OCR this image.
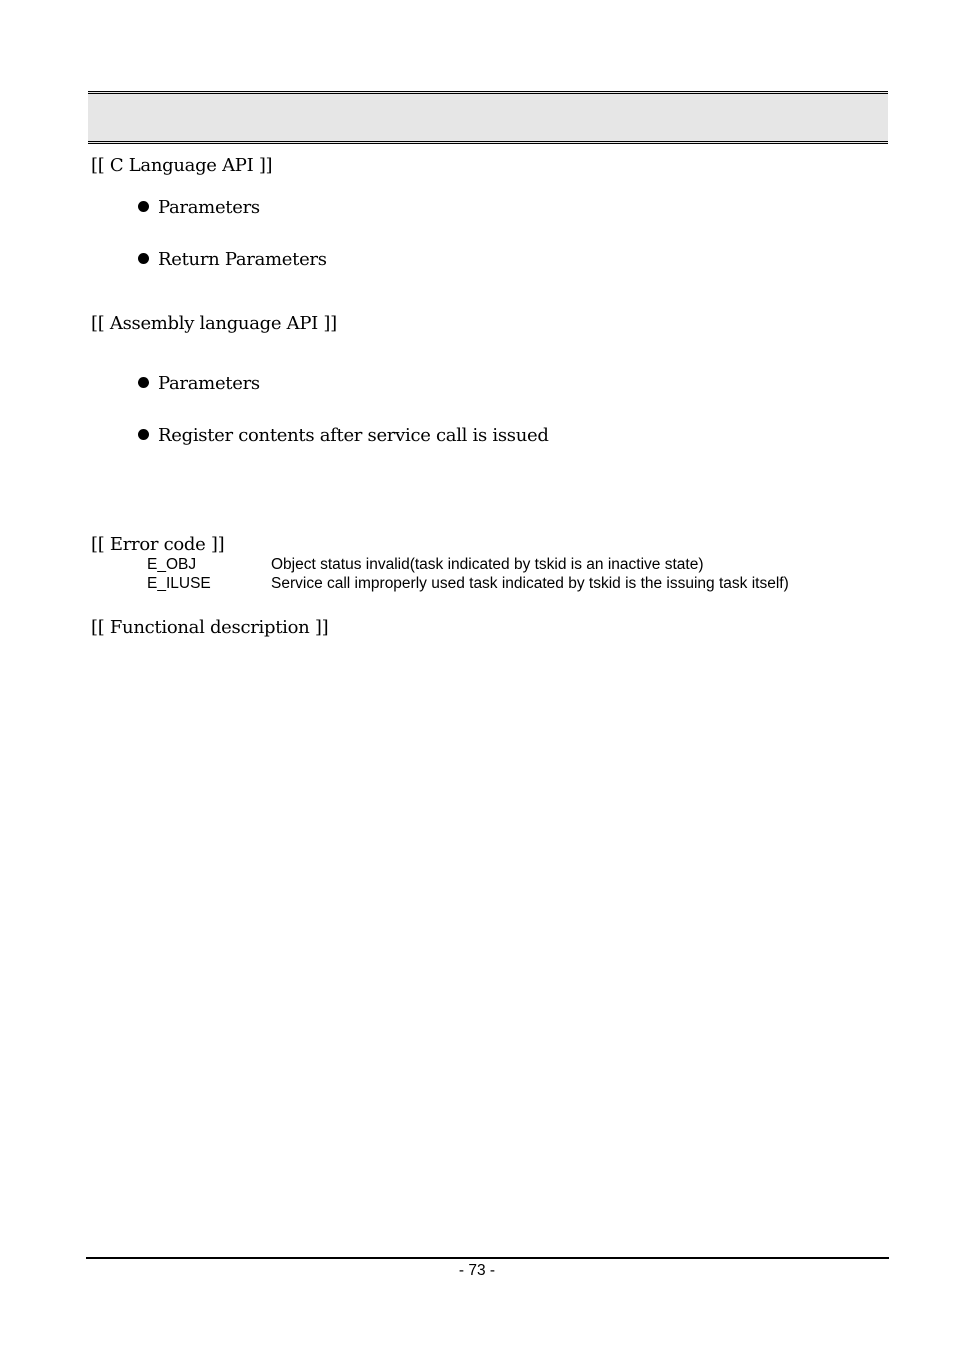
[[ C Language API ]]
Parameters
Return Parameters
[[ Assembly language API ]]
Parameters
Register contents after service call is issued
[[ Error code ]]
E_OBJ	Object status invalid(task indicated by tskid is an inactive state)
E_ILUSE	Service call improperly used task indicated by tskid is the issuing task itself)
[[ Functional description ]]
- 73 -
